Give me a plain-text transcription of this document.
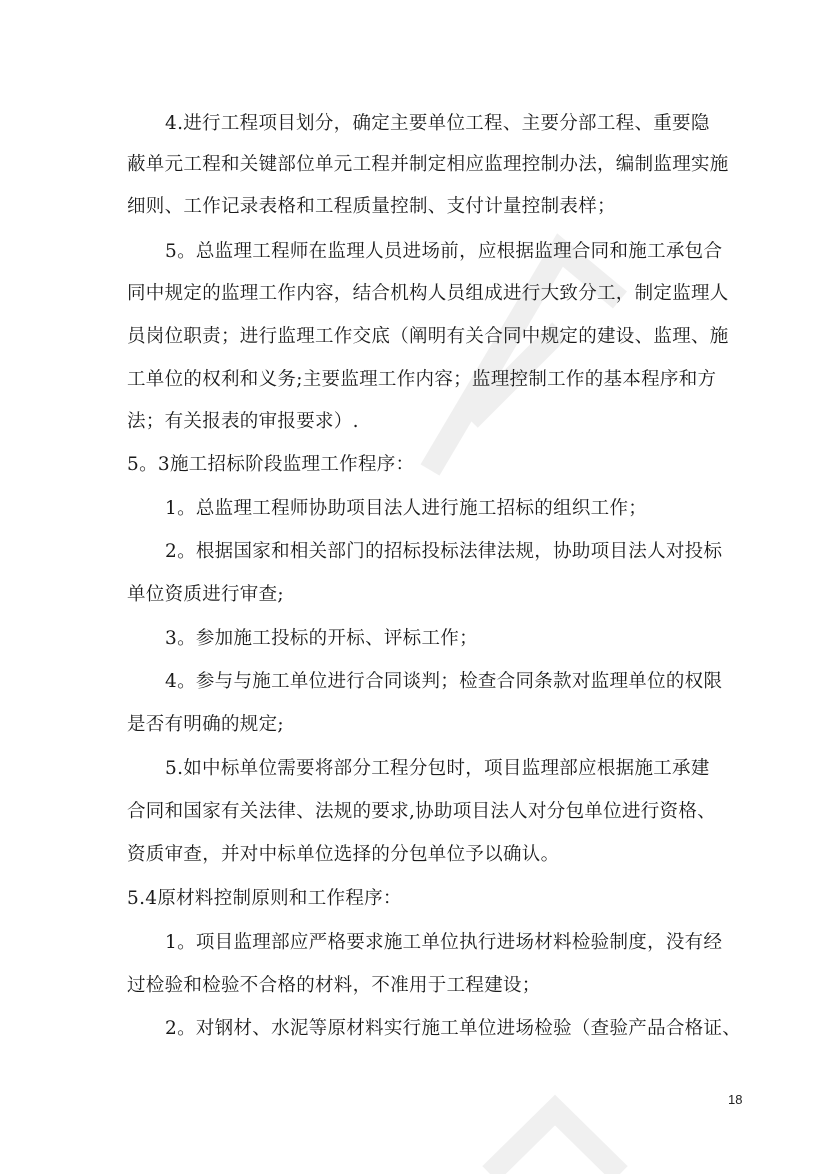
4.进行工程项目划分，确定主要单位工程、主要分部工程、重要隐
蔽单元工程和关键部位单元工程并制定相应监理控制办法，编制监理实施
细则、工作记录表格和工程质量控制、支付计量控制表样；
5。总监理工程师在监理人员进场前，应根据监理合同和施工承包合
同中规定的监理工作内容，结合机构人员组成进行大致分工，制定监理人
员岗位职责；进行监理工作交底（阐明有关合同中规定的建设、监理、施
工单位的权利和义务;主要监理工作内容；监理控制工作的基本程序和方
法；有关报表的审报要求）.
5。3施工招标阶段监理工作程序：
1。总监理工程师协助项目法人进行施工招标的组织工作；
2。根据国家和相关部门的招标投标法律法规，协助项目法人对投标
单位资质进行审查;
3。参加施工投标的开标、评标工作；
4。参与与施工单位进行合同谈判；检查合同条款对监理单位的权限
是否有明确的规定;
5.如中标单位需要将部分工程分包时，项目监理部应根据施工承建
合同和国家有关法律、法规的要求,协助项目法人对分包单位进行资格、
资质审查，并对中标单位选择的分包单位予以确认。
5.4原材料控制原则和工作程序：
1。项目监理部应严格要求施工单位执行进场材料检验制度，没有经
过检验和检验不合格的材料，不准用于工程建设；
2。对钢材、水泥等原材料实行施工单位进场检验（查验产品合格证、
18
